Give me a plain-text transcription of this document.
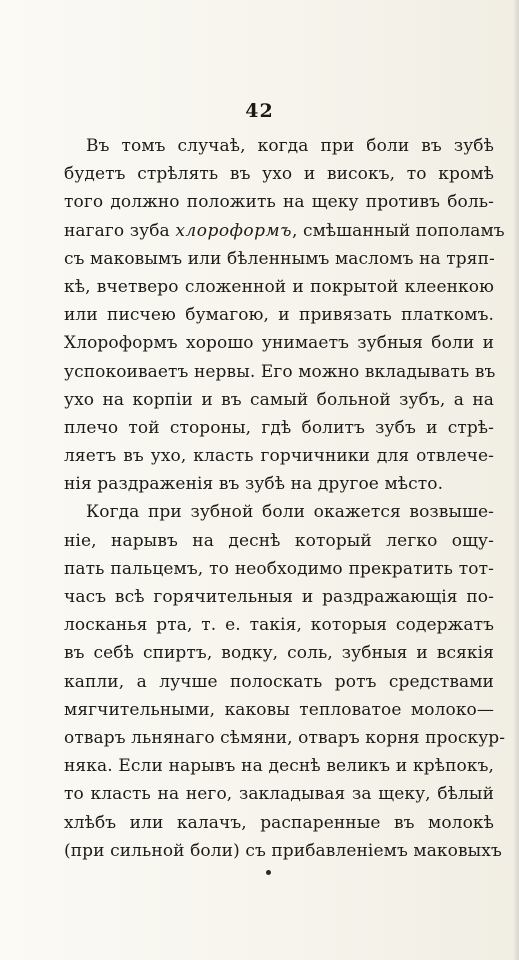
42
Въ томъ случаѣ, когда при боли въ зубѣ
будетъ стрѣлять въ ухо и високъ, то кромѣ
того должно положить на щеку противъ боль-
нагаго зуба хлороформъ, смѣшанный пополамъ
съ маковымъ или бѣленнымъ масломъ на тряп-
кѣ, вчетверо сложенной и покрытой клеенкою
или писчею бумагою, и привязать платкомъ.
Хлороформъ хорошо унимаетъ зубныя боли и
успокоиваетъ нервы. Его можно вкладывать въ
ухо на корпіи и въ самый больной зубъ, а на
плечо той стороны, гдѣ болитъ зубъ и стрѣ-
ляетъ въ ухо, класть горчичники для отвлече-
нія раздраженія въ зубѣ на другое мѣсто.
Когда при зубной боли окажется возвыше-
ніе, нарывъ на деснѣ который легко ощу-
пать пальцемъ, то необходимо прекратить тот-
часъ всѣ горячительныя и раздражающія по-
лосканья рта, т. е. такія, которыя содержатъ
въ себѣ спиртъ, водку, соль, зубныя и всякія
капли, а лучше полоскать ротъ средствами
мягчительными, каковы тепловатое молоко—
отваръ льнянаго сѣмяни, отваръ корня проскур-
няка. Если нарывъ на деснѣ великъ и крѣпокъ,
то класть на него, закладывая за щеку, бѣлый
хлѣбъ или калачъ, распаренные въ молокѣ
(при сильной боли) съ прибавленіемъ маковыхъ
